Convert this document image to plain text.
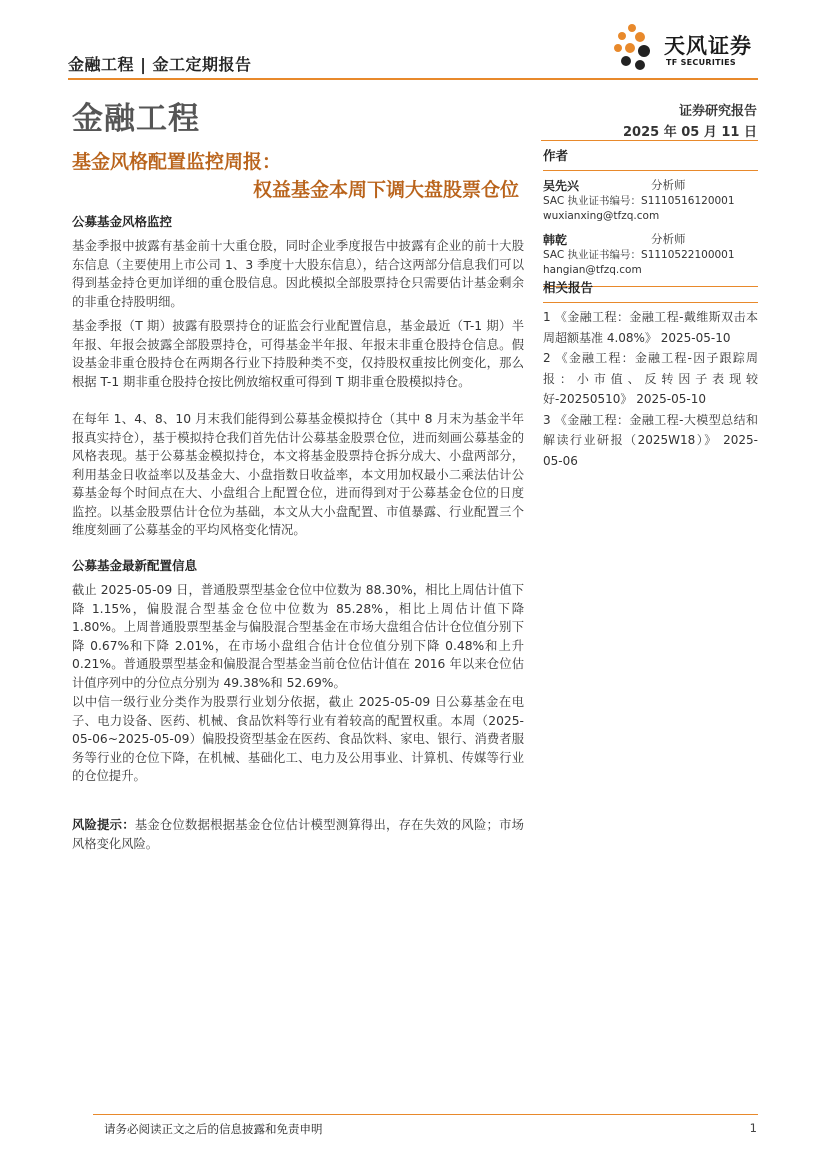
金融工程 | 金工定期报告
天风证券
TF SECURITIES
金融工程	证券研究报告
2025 年 05 月 11 日
基金风格配置监控周报：
权益基金本周下调大盘股票仓位
公募基金风格监控

基金季报中披露有基金前十大重仓股，同时企业季度报告中披露有企业的前十大股东信息（主要使用上市公司 1、3 季度十大股东信息），结合这两部分信息我们可以得到基金持仓更加详细的重仓股信息。因此模拟全部股票持仓只需要估计基金剩余的非重仓持股明细。

基金季报（T 期）披露有股票持仓的证监会行业配置信息，基金最近（T-1 期）半年报、年报会披露全部股票持仓，可得基金半年报、年报末非重仓股持仓信息。假设基金非重仓股持仓在两期各行业下持股种类不变，仅持股权重按比例变化，那么根据 T-1 期非重仓股持仓按比例放缩权重可得到 T 期非重仓股模拟持仓。

在每年 1、4、8、10 月末我们能得到公募基金模拟持仓（其中 8 月末为基金半年报真实持仓），基于模拟持仓我们首先估计公募基金股票仓位，进而刻画公募基金的风格表现。基于公募基金模拟持仓，本文将基金股票持仓拆分成大、小盘两部分，利用基金日收益率以及基金大、小盘指数日收益率，本文用加权最小二乘法估计公募基金每个时间点在大、小盘组合上配置仓位，进而得到对于公募基金仓位的日度监控。以基金股票估计仓位为基础，本文从大小盘配置、市值暴露、行业配置三个维度刻画了公募基金的平均风格变化情况。

公募基金最新配置信息

截止 2025-05-09 日，普通股票型基金仓位中位数为 88.30%，相比上周估计值下降 1.15%，偏股混合型基金仓位中位数为 85.28%，相比上周估计值下降 1.80%。上周普通股票型基金与偏股混合型基金在市场大盘组合估计仓位值分别下降 0.67%和下降 2.01%，在市场小盘组合估计仓位值分别下降 0.48%和上升 0.21%。普通股票型基金和偏股混合型基金当前仓位估计值在 2016 年以来仓位估计值序列中的分位点分别为 49.38%和 52.69%。

以中信一级行业分类作为股票行业划分依据，截止 2025-05-09 日公募基金在电子、电力设备、医药、机械、食品饮料等行业有着较高的配置权重。本周（2025-05-06~2025-05-09）偏股投资型基金在医药、食品饮料、家电、银行、消费者服务等行业的仓位下降，在机械、基础化工、电力及公用事业、计算机、传媒等行业的仓位提升。

风险提示：基金仓位数据根据基金仓位估计模型测算得出，存在失效的风险；市场风格变化风险。

作者
吴先兴	分析师
SAC 执业证书编号：S1110516120001
wuxianxing@tfzq.com
韩乾	分析师
SAC 执业证书编号：S1110522100001
hangian@tfzq.com
相关报告
1 《金融工程：金融工程-戴维斯双击本周超额基准 4.08%》 2025-05-10
2 《金融工程：金融工程-因子跟踪周报：小市值、反转因子表现较好-20250510》 2025-05-10
3 《金融工程：金融工程-大模型总结和解读行业研报（2025W18）》 2025-05-06
请务必阅读正文之后的信息披露和免责申明	1
